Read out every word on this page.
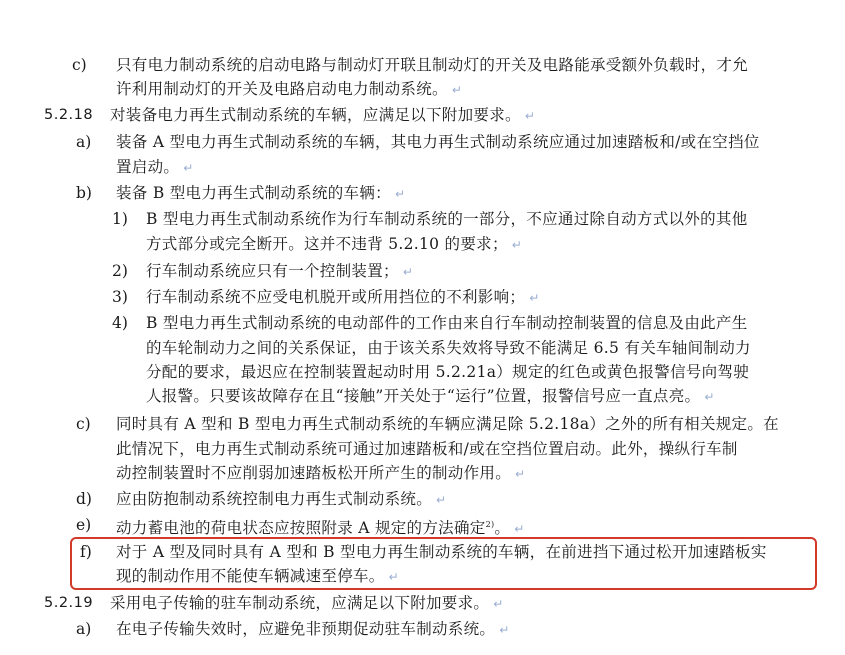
c) 只有电力制动系统的启动电路与制动灯开联且制动灯的开关及电路能承受额外负载时，才允
许利用制动灯的开关及电路启动电力制动系统。 ↵
5.2.18 对装备电力再生式制动系统的车辆，应满足以下附加要求。 ↵
a) 装备 A 型电力再生式制动系统的车辆，其电力再生式制动系统应通过加速踏板和/或在空挡位
置启动。 ↵
b) 装备 B 型电力再生式制动系统的车辆： ↵
1) B 型电力再生式制动系统作为行车制动系统的一部分，不应通过除自动方式以外的其他
方式部分或完全断开。这并不违背 5.2.10 的要求； ↵
2) 行车制动系统应只有一个控制装置； ↵
3) 行车制动系统不应受电机脱开或所用挡位的不利影响； ↵
4) B 型电力再生式制动系统的电动部件的工作由来自行车制动控制装置的信息及由此产生
的车轮制动力之间的关系保证，由于该关系失效将导致不能满足 6.5 有关车轴间制动力
分配的要求，最迟应在控制装置起动时用 5.2.21a）规定的红色或黄色报警信号向驾驶
人报警。只要该故障存在且“接触”开关处于“运行”位置，报警信号应一直点亮。 ↵
c) 同时具有 A 型和 B 型电力再生式制动系统的车辆应满足除 5.2.18a）之外的所有相关规定。在
此情况下，电力再生式制动系统可通过加速踏板和/或在空挡位置启动。此外，操纵行车制
动控制装置时不应削弱加速踏板松开所产生的制动作用。 ↵
d) 应由防抱制动系统控制电力再生式制动系统。 ↵
e) 动力蓄电池的荷电状态应按照附录 A 规定的方法确定$^{2)}$。 ↵
f) 对于 A 型及同时具有 A 型和 B 型电力再生制动系统的车辆，在前进挡下通过松开加速踏板实
现的制动作用不能使车辆减速至停车。 ↵
5.2.19 采用电子传输的驻车制动系统，应满足以下附加要求。 ↵
a) 在电子传输失效时，应避免非预期促动驻车制动系统。 ↵
